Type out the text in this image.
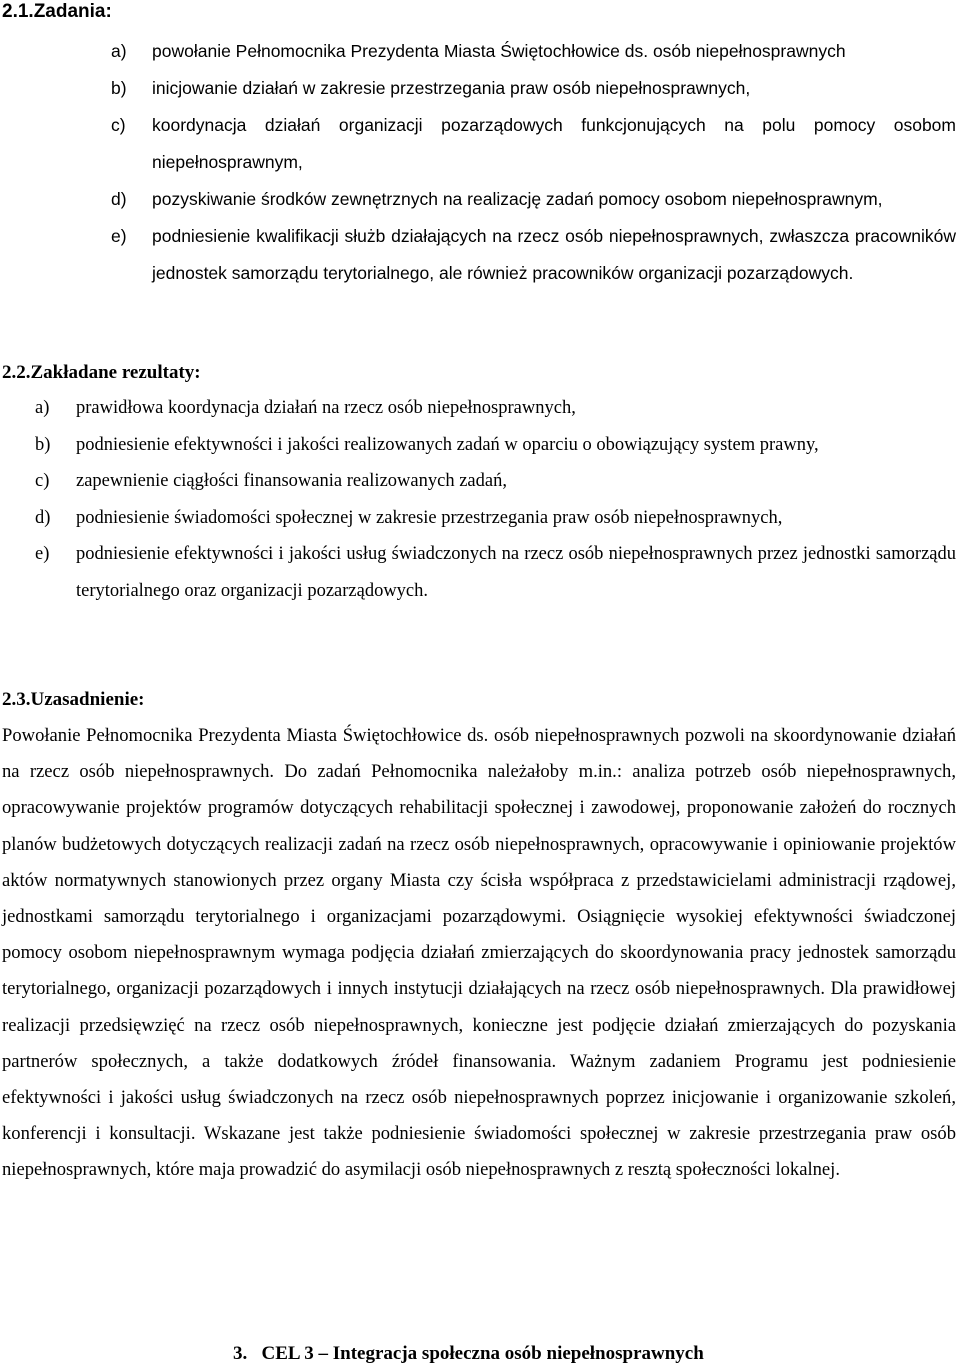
2.1.Zadania:
a) powołanie Pełnomocnika Prezydenta Miasta Świętochłowice ds. osób niepełnosprawnych
b) inicjowanie działań w zakresie przestrzegania praw osób niepełnosprawnych,
c) koordynacja działań organizacji pozarządowych funkcjonujących na polu pomocy osobom niepełnosprawnym,
d) pozyskiwanie środków zewnętrznych na realizację zadań pomocy osobom niepełnosprawnym,
e) podniesienie kwalifikacji służb działających na rzecz osób niepełnosprawnych, zwłaszcza pracowników jednostek samorządu terytorialnego, ale również pracowników organizacji pozarządowych.
2.2.Zakładane rezultaty:
a) prawidłowa koordynacja działań na rzecz osób niepełnosprawnych,
b) podniesienie efektywności i jakości realizowanych zadań w oparciu o obowiązujący system prawny,
c) zapewnienie ciągłości finansowania realizowanych zadań,
d) podniesienie świadomości społecznej w zakresie przestrzegania praw osób niepełnosprawnych,
e) podniesienie efektywności i jakości usług świadczonych na rzecz osób niepełnosprawnych przez jednostki samorządu terytorialnego oraz organizacji pozarządowych.
2.3.Uzasadnienie:
Powołanie Pełnomocnika Prezydenta Miasta Świętochłowice ds. osób niepełnosprawnych pozwoli na skoordynowanie działań na rzecz osób niepełnosprawnych. Do zadań Pełnomocnika należałoby m.in.: analiza potrzeb osób niepełnosprawnych, opracowywanie projektów programów dotyczących rehabilitacji społecznej i zawodowej, proponowanie założeń do rocznych planów budżetowych dotyczących realizacji zadań na rzecz osób niepełnosprawnych, opracowywanie i opiniowanie projektów aktów normatywnych stanowionych przez organy Miasta czy ścisła współpraca z przedstawicielami administracji rządowej, jednostkami samorządu terytorialnego i organizacjami pozarządowymi. Osiągnięcie wysokiej efektywności świadczonej pomocy osobom niepełnosprawnym wymaga podjęcia działań zmierzających do skoordynowania pracy jednostek samorządu terytorialnego, organizacji pozarządowych i innych instytucji działających na rzecz osób niepełnosprawnych. Dla prawidłowej realizacji przedsięwzięć na rzecz osób niepełnosprawnych, konieczne jest podjęcie działań zmierzających do pozyskania partnerów społecznych, a także dodatkowych źródeł finansowania. Ważnym zadaniem Programu jest podniesienie efektywności i jakości usług świadczonych na rzecz osób niepełnosprawnych poprzez inicjowanie i organizowanie szkoleń, konferencji i konsultacji. Wskazane jest także podniesienie świadomości społecznej w zakresie przestrzegania praw osób niepełnosprawnych, które maja prowadzić do asymilacji osób niepełnosprawnych z resztą społeczności lokalnej.
3. CEL 3 – Integracja społeczna osób niepełnosprawnych
